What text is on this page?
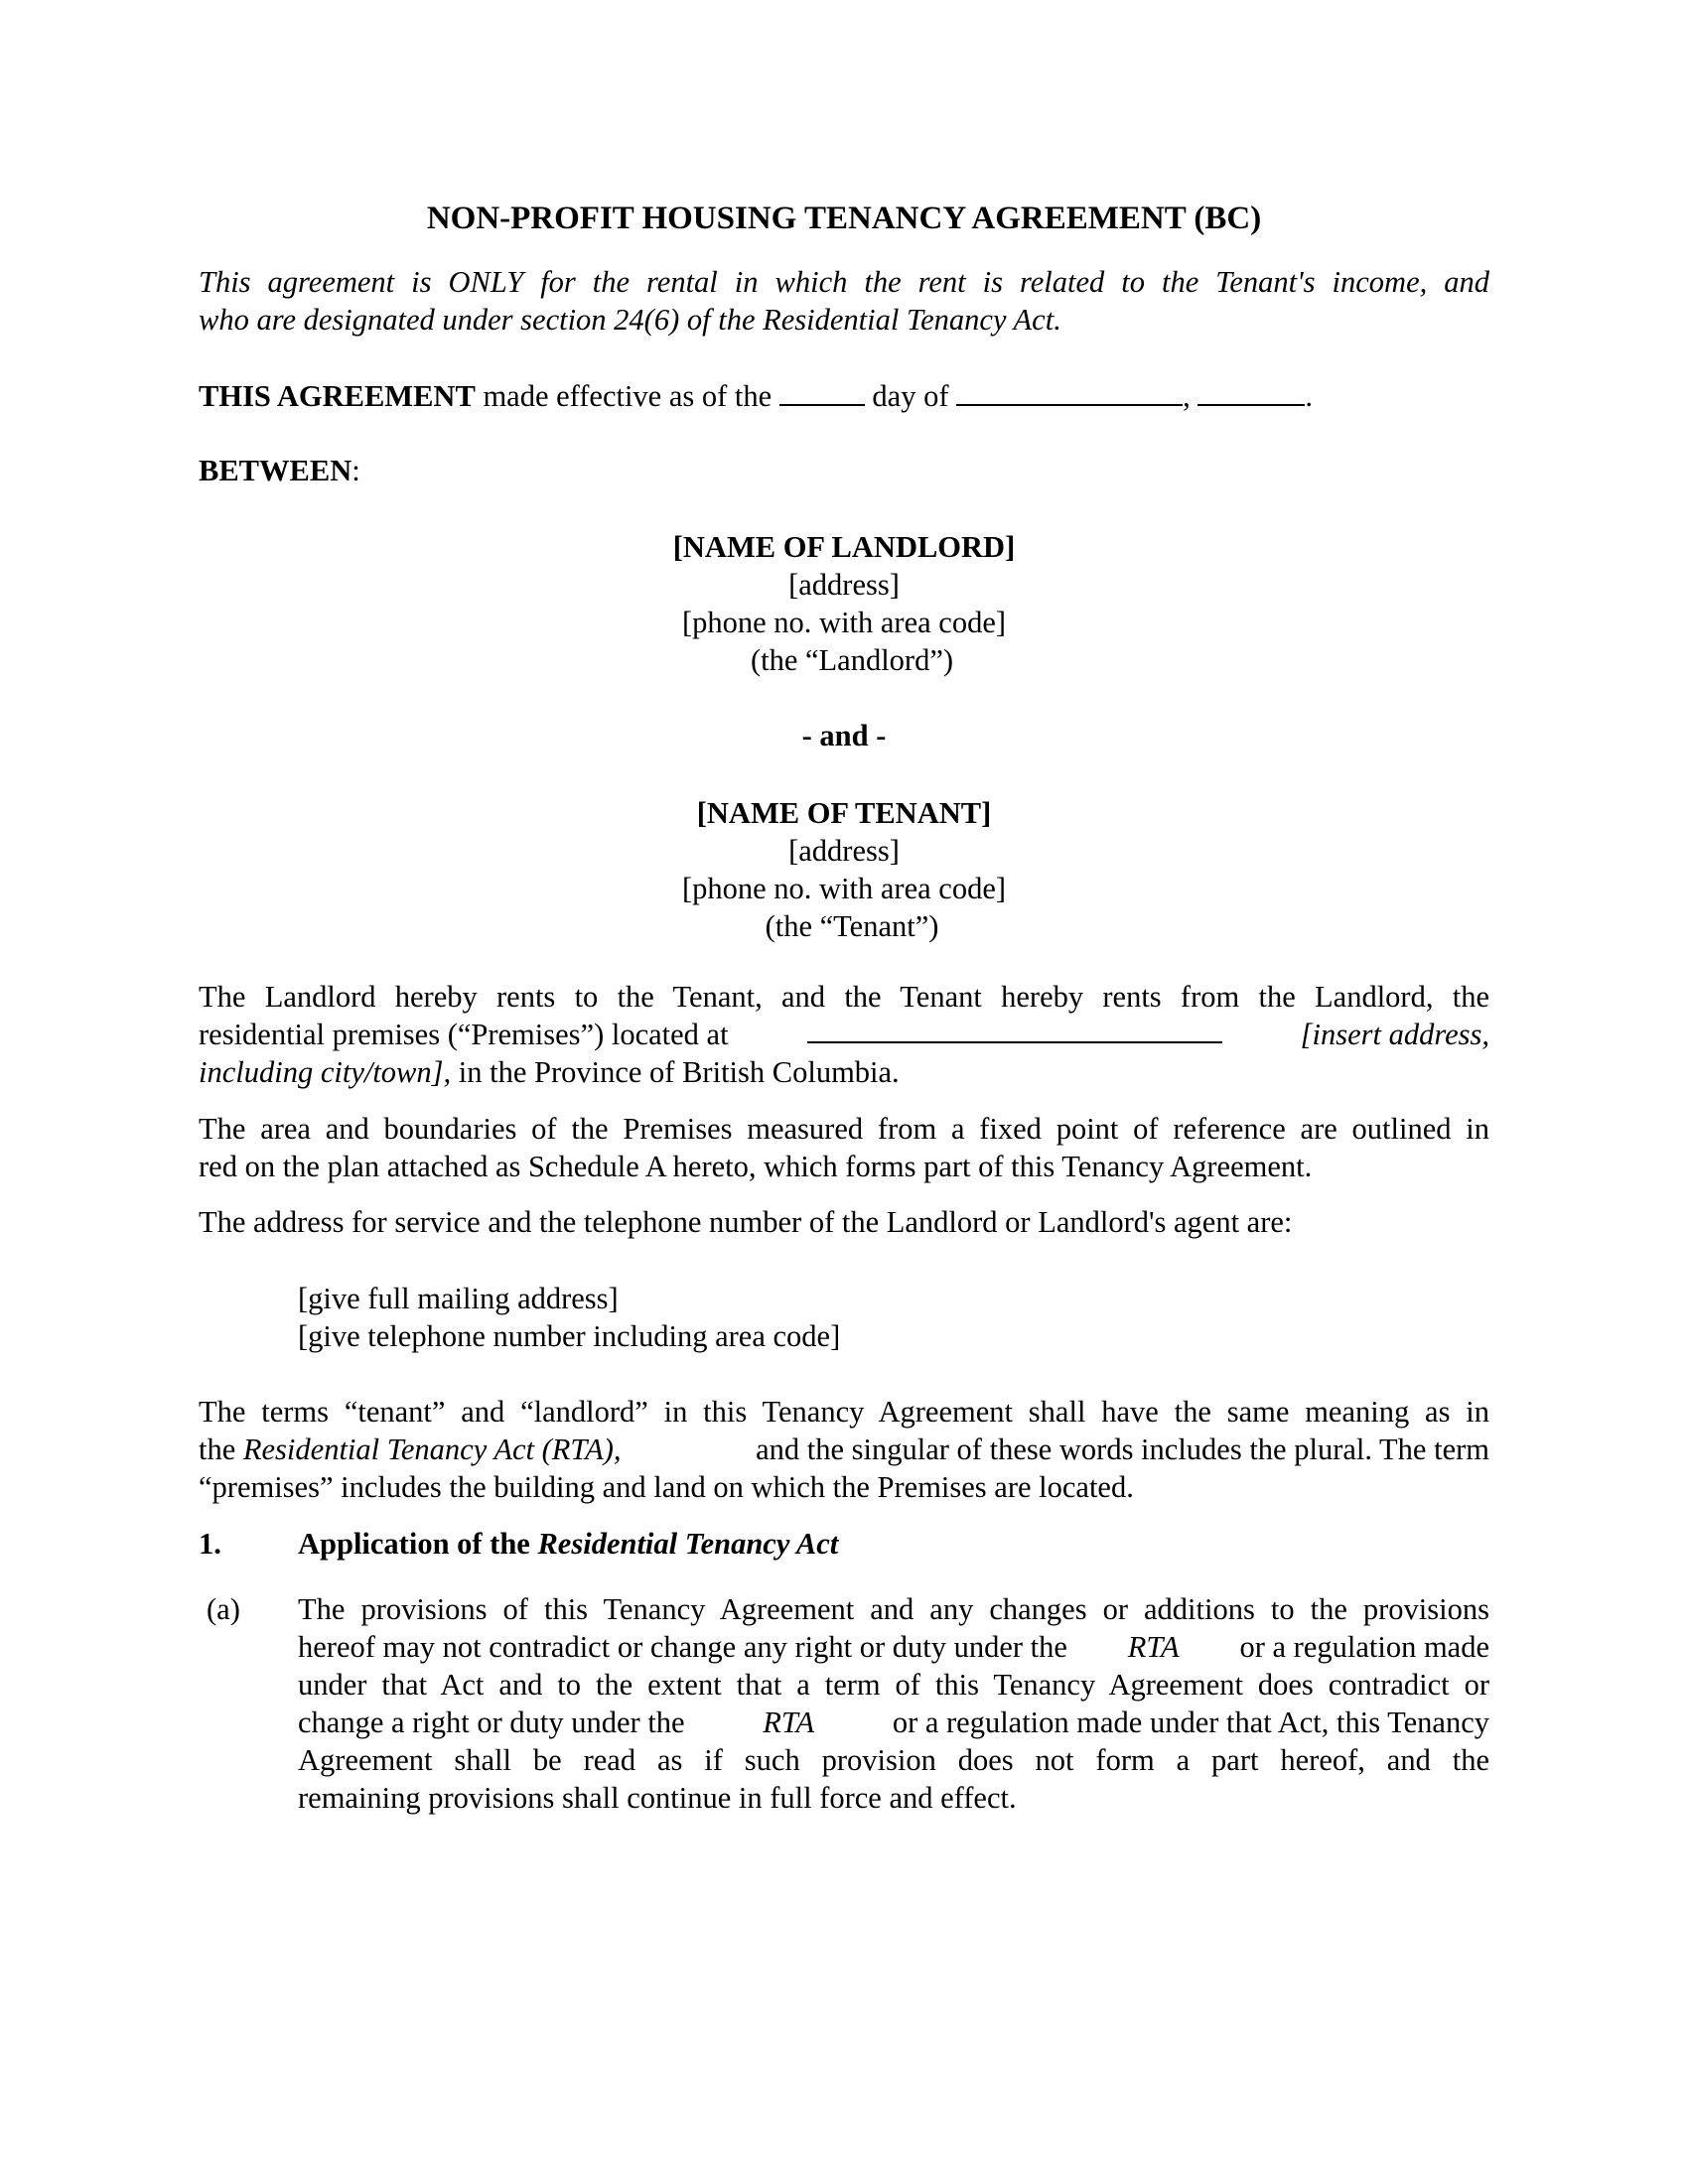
NON-PROFIT HOUSING TENANCY AGREEMENT (BC)
This agreement is ONLY for the rental in which the rent is related to the Tenant's income, and
who are designated under section 24(6) of the Residential Tenancy Act.
THIS AGREEMENT made effective as of the	day of	,	.
BETWEEN:
[NAME OF LANDLORD]
[address]
[phone no. with area code]
(the “Landlord”)
- and -
[NAME OF TENANT]
[address]
[phone no. with area code]
(the “Tenant”)
The Landlord hereby rents to the Tenant, and the Tenant hereby rents from the Landlord, the
residential premises (“Premises”) located at	[insert address,
including city/town], in the Province of British Columbia.
The area and boundaries of the Premises measured from a fixed point of reference are outlined in
red on the plan attached as Schedule A hereto, which forms part of this Tenancy Agreement.
The address for service and the telephone number of the Landlord or Landlord's agent are:
[give full mailing address]
[give telephone number including area code]
The terms “tenant” and “landlord” in this Tenancy Agreement shall have the same meaning as in
the Residential Tenancy Act (RTA),	and the singular of these words includes the plural. The term
“premises” includes the building and land on which the Premises are located.
1.	Application of the Residential Tenancy Act
(a) The provisions of this Tenancy Agreement and any changes or additions to the provisions
hereof may not contradict or change any right or duty under the RTA or a regulation made
under that Act and to the extent that a term of this Tenancy Agreement does contradict or
change a right or duty under the	RTA	or a regulation made under that Act, this Tenancy
Agreement shall be read as if such provision does not form a part hereof, and the
remaining provisions shall continue in full force and effect.
